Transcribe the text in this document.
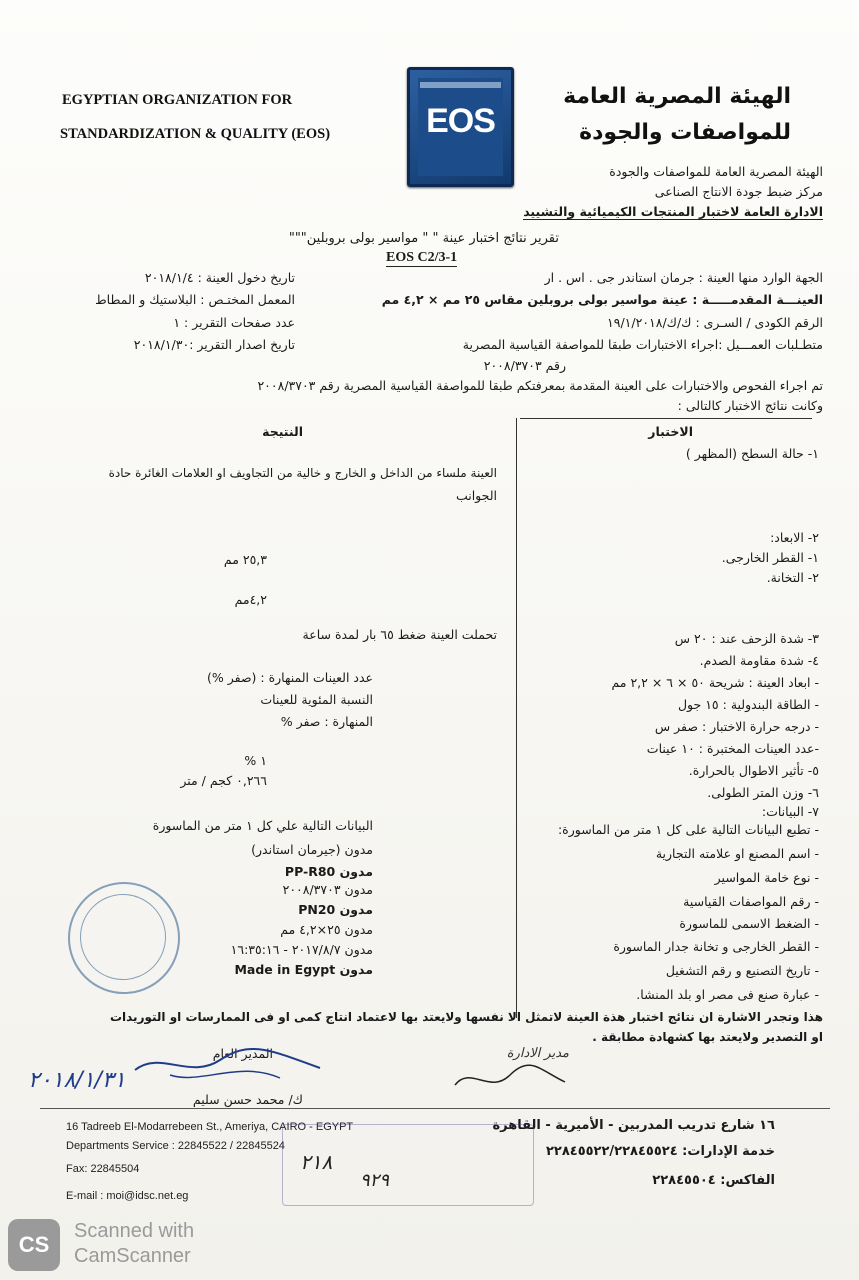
EGYPTIAN ORGANIZATION FOR
STANDARDIZATION & QUALITY (EOS)	EOS
الهيئة المصرية العامة
للمواصفات والجودة
الهيئة المصرية العامة للمواصفات والجودة
مركز ضبط جودة الانتاج الصناعى
الادارة العامة لاختبار المنتجات الكيميائية والتشييد
تقرير نتائج اختبار عينة " " مواسير بولى بروبلين"""
EOS C2/3-1
الجهة الوارد منها العينة : جرمان استاندر جى . اس . ار
العينـــة المقدمـــــة : عينة مواسير بولى بروبلين مقاس ٢٥ مم × ٤,٢ مم
الرقم الكودى / السـرى : ك/ك/١٩/١/٢٠١٨
متطـلبات العمـــيل :اجراء الاختبارات طبقا للمواصفة القياسية المصرية
رقم ٢٠٠٨/٣٧٠٣
تاريخ دخول العينة : ٢٠١٨/١/٤
المعمل المختـص : البلاستيك و المطاط
عدد صفحات التقرير : ١
تاريخ اصدار التقرير :٢٠١٨/١/٣٠
تم اجراء الفحوص والاختبارات على العينة المقدمة بمعرفتكم طبقا للمواصفة القياسية المصرية رقم ٢٠٠٨/٣٧٠٣
وكانت نتائج الاختبار كالتالى :
الاختبار
النتيجة
١- حالة السطح (المظهر )
٢- الابعاد:
١- القطر الخارجى.
٢- التخانة.
٣- شدة الزحف عند : ٢٠ س
٤- شدة مقاومة الصدم.
- ابعاد العينة : شريحة ٥٠ × ٦ × ٢,٢ مم
- الطاقة البندولية : ١٥ جول
- درجه حرارة الاختبار : صفر س
-عدد العينات المختبرة : ١٠ عينات
٥- تأثير الاطوال بالحرارة.
٦- وزن المتر الطولى.
٧- البيانات:
- تطبع البيانات التالية على كل ١ متر من الماسورة:
- اسم المصنع او علامته التجارية
- نوع خامة المواسير
- رقم المواصفات القياسية
- الضغط الاسمى للماسورة
- القطر الخارجى و تخانة جدار الماسورة
- تاريخ التصنيع و رقم التشغيل
- عبارة صنع فى مصر او بلد المنشا.
العينة ملساء من الداخل و الخارج و خالية من التجاويف او العلامات الغائرة حادة
الجوانب
٢٥,٣ مم
٤,٢مم
تحملت العينة ضغط ٦٥ بار لمدة ساعة
عدد العينات المنهارة : (صفر %)
النسبة المئوية للعينات
المنهارة : صفر %
١ %
٠,٢٦٦ كجم / متر
البيانات التالية علي كل ١ متر من الماسورة
مدون (جيرمان استاندر)
مدون PP-R80
مدون ٢٠٠٨/٣٧٠٣
مدون PN20
مدون ٢٥×٤,٢ مم
مدون ٢٠١٧/٨/٧ - ١٦:٣٥:١٦
مدون Made in Egypt
هذا وتجدر الاشارة ان نتائج اختبار هذة العينة لاتمثل الا نفسها ولايعتد بها لاعتماد انتاج كمى او فى الممارسات او التوريدات
او التصدير ولايعتد بها كشهادة مطابقة .
المدير العام
٢٠١٨/١/٣١
ك/ محمد حسن سليم
مدير الادارة
16 Tadreeb El-Modarrebeen St., Ameriya, CAIRO - EGYPT
Departments Service : 22845522 / 22845524
Fax: 22845504
E-mail : moi@idsc.net.eg
١٦ شارع تدريب المدربين - الأميرية - القاهرة
خدمة الإدارات: ٢٢٨٤٥٥٢٢/٢٢٨٤٥٥٢٤
الفاكس: ٢٢٨٤٥٥٠٤
٢١٨
٩٢٩
CS
Scanned with
CamScanner
